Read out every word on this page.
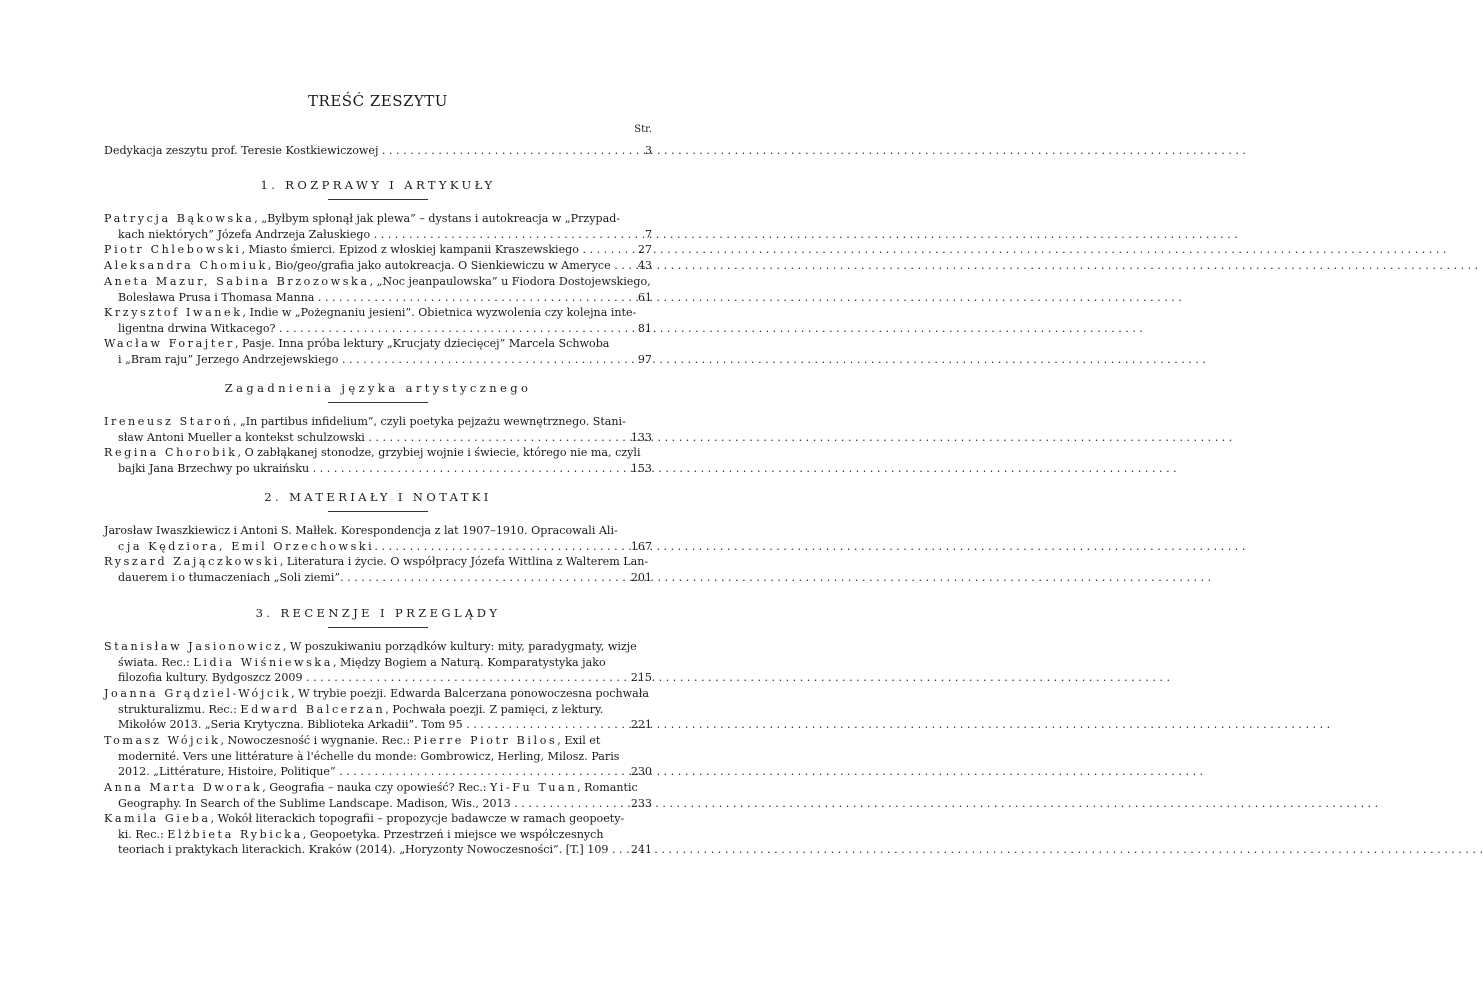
TREŚĆ ZESZYTU
Str.
Dedykacja zeszytu prof. Teresie Kostkiewiczowej . . .	3
1. ROZPRAWY I ARTYKUŁY
Patrycja Bąkowska, „Byłbym spłonął jak plewa” – dystans i autokreacja w „Przypad-
kach niektórych” Józefa Andrzeja Załuskiego . . .	7
Piotr Chlebowski, Miasto śmierci. Epizod z włoskiej kampanii Kraszewskiego . . .	27
Aleksandra Chomiuk, Bio/geo/grafia jako autokreacja. O Sienkiewiczu w Ameryce . . .	43
Aneta Mazur, Sabina Brzozowska, „Noc jeanpaulowska” u Fiodora Dostojewskiego,
Bolesława Prusa i Thomasa Manna . . .	61
Krzysztof Iwanek, Indie w „Pożegnaniu jesieni”. Obietnica wyzwolenia czy kolejna inte-
ligentna drwina Witkacego? . . .	81
Wacław Forajter, Pasje. Inna próba lektury „Krucjaty dziecięcej” Marcela Schwoba
i „Bram raju” Jerzego Andrzejewskiego . . .	97
Zagadnienia języka artystycznego
Ireneusz Staroń, „In partibus infidelium”, czyli poetyka pejzażu wewnętrznego. Stani-
sław Antoni Mueller a kontekst schulzowski . . .	133
Regina Chorobik, O zabłąkanej stonodze, grzybiej wojnie i świecie, którego nie ma, czyli
bajki Jana Brzechwy po ukraińsku . . .	153
2. MATERIAŁY I NOTATKI
Jarosław Iwaszkiewicz i Antoni S. Małłek. Korespondencja z lat 1907–1910. Opracowali Ali-
cja Kędziora, Emil Orzechowski. . . .	167
Ryszard Zajączkowski, Literatura i życie. O współpracy Józefa Wittlina z Walterem Lan-
dauerem i o tłumaczeniach „Soli ziemi”. . . .	201
3. RECENZJE I PRZEGLĄDY
Stanisław Jasionowicz, W poszukiwaniu porządków kultury: mity, paradygmaty, wizje
świata. Rec.: Lidia Wiśniewska, Między Bogiem a Naturą. Komparatystyka jako
filozofia kultury. Bydgoszcz 2009 . . .	215
Joanna Grądziel-Wójcik, W trybie poezji. Edwarda Balcerzana ponowoczesna pochwała
strukturalizmu. Rec.: Edward Balcerzan, Pochwała poezji. Z pamięci, z lektury.
Mikołów 2013. „Seria Krytyczna. Biblioteka Arkadii”. Tom 95 . . .	221
Tomasz Wójcik, Nowoczesność i wygnanie. Rec.: Pierre Piotr Bilos, Exil et
modernité. Vers une littérature à l'échelle du monde: Gombrowicz, Herling, Milosz. Paris
2012. „Littérature, Histoire, Politique” . . .	230
Anna Marta Dworak, Geografia – nauka czy opowieść? Rec.: Yi-Fu Tuan, Romantic
Geography. In Search of the Sublime Landscape. Madison, Wis., 2013 . . .	233
Kamila Gieba, Wokół literackich topografii – propozycje badawcze w ramach geopoety-
ki. Rec.: Elżbieta Rybicka, Geopoetyka. Przestrzeń i miejsce we współczesnych
teoriach i praktykach literackich. Kraków (2014). „Horyzonty Nowoczesności”. [T.] 109 . . . .	241
